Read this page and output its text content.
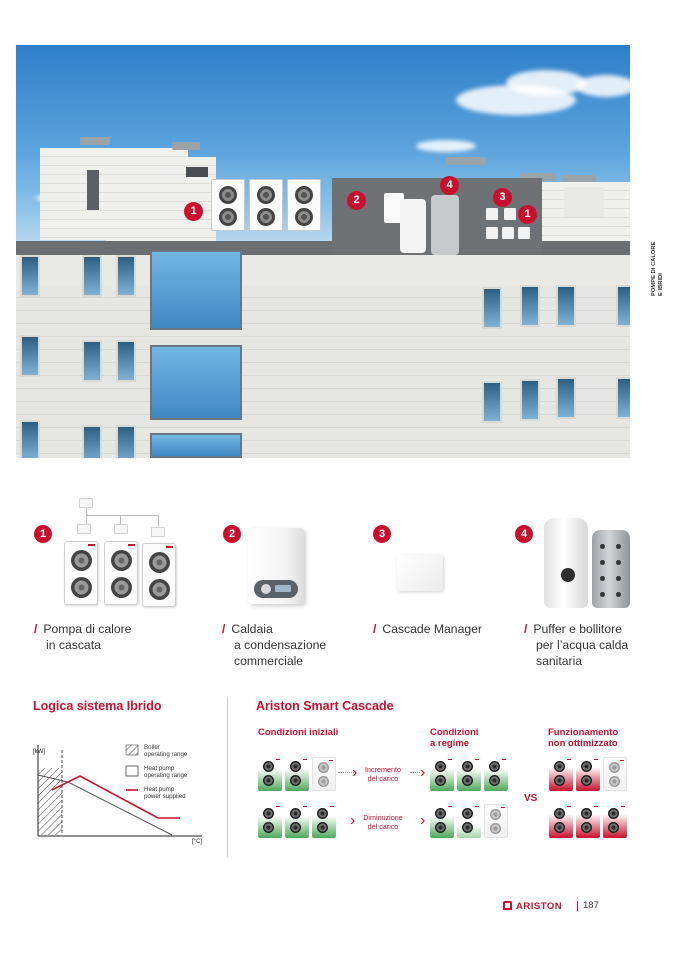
1
2
4
3
1
POMPE DI CALORE
E IBRIDI
1
/ Pompa di calore
in cascata
2
/ Caldaia
a condensazione
commerciale
3
/ Cascade Manager
4
/ Puffer e bollitore
per l’acqua calda
sanitaria
Logica sistema Ibrido
[kW]
[°C]
Boiler
operating range
Heat pump
operating range
Heat pump
power supplied
Ariston Smart Cascade
Condizioni iniziali	Condizioni
a regime
Funzionamento
non ottimizzato
›	Incremento
del carico	›
›	Diminuzione
del carico	›
VS
ARISTON 187
